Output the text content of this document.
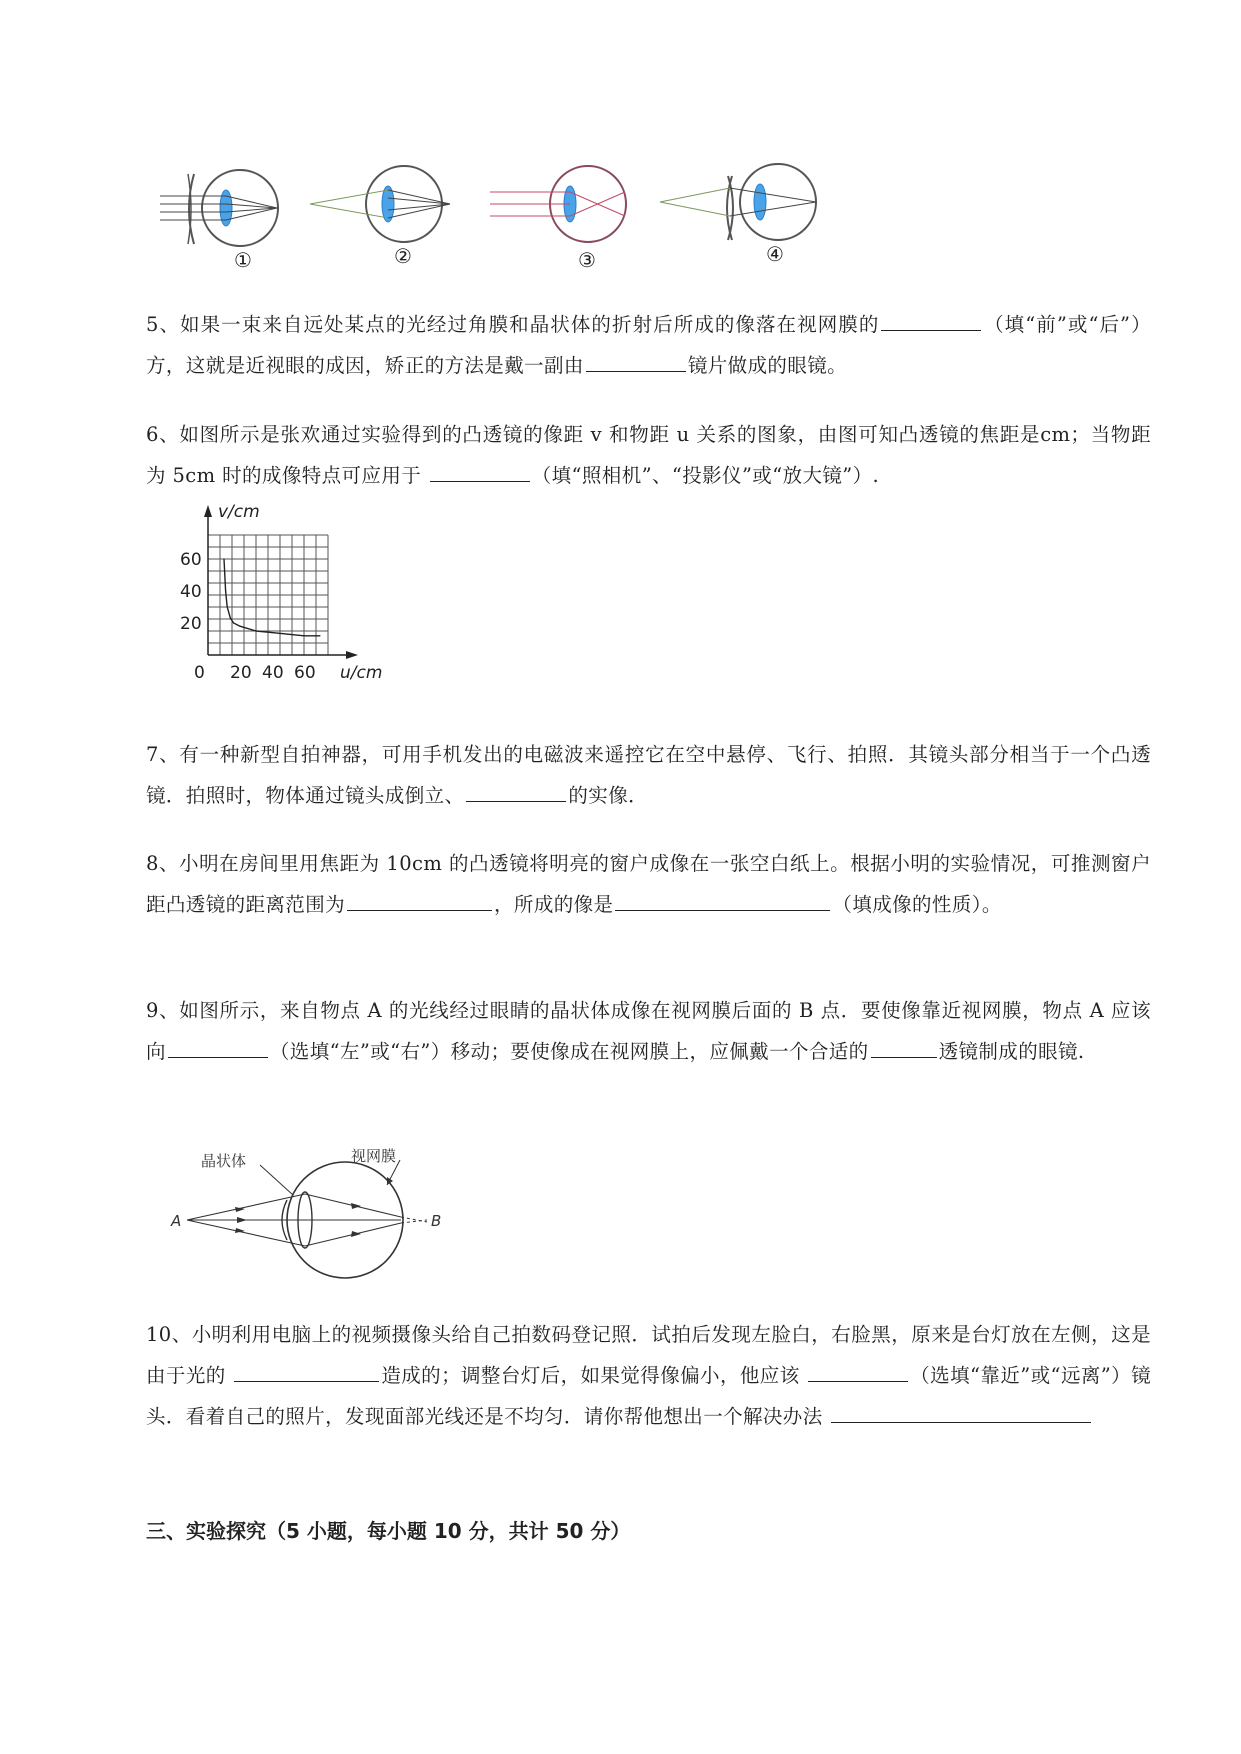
①	②	③	④
5、如果一束来自远处某点的光经过角膜和晶状体的折射后所成的像落在视网膜的	（填“前”或“后”）方，这就是近视眼的成因，矫正的方法是戴一副由	镜片做成的眼镜。
6、如图所示是张欢通过实验得到的凸透镜的像距 v 和物距 u 关系的图象，由图可知凸透镜的焦距是cm；当物距为 5cm 时的成像特点可应用于	（填“照相机”、“投影仪”或“放大镜”）.
20 40 60
60
40
20
0
v/cm
u/cm
7、有一种新型自拍神器，可用手机发出的电磁波来遥控它在空中悬停、飞行、拍照．其镜头部分相当于一个凸透镜．拍照时，物体通过镜头成倒立、	的实像．
8、小明在房间里用焦距为 10cm 的凸透镜将明亮的窗户成像在一张空白纸上。根据小明的实验情况，可推测窗户距凸透镜的距离范围为	，所成的像是	（填成像的性质）。
9、如图所示，来自物点 A 的光线经过眼睛的晶状体成像在视网膜后面的 B 点．要使像靠近视网膜，物点 A 应该向	（选填“左”或“右”）移动；要使像成在视网膜上，应佩戴一个合适的	透镜制成的眼镜.
晶状体	视网膜
A	B
10、小明利用电脑上的视频摄像头给自己拍数码登记照．试拍后发现左脸白，右脸黑，原来是台灯放在左侧，这是由于光的	造成的；调整台灯后，如果觉得像偏小，他应该	（选填“靠近”或“远离”）镜头．看着自己的照片，发现面部光线还是不均匀．请你帮他想出一个解决办法
三、实验探究（5 小题，每小题 10 分，共计 50 分）
